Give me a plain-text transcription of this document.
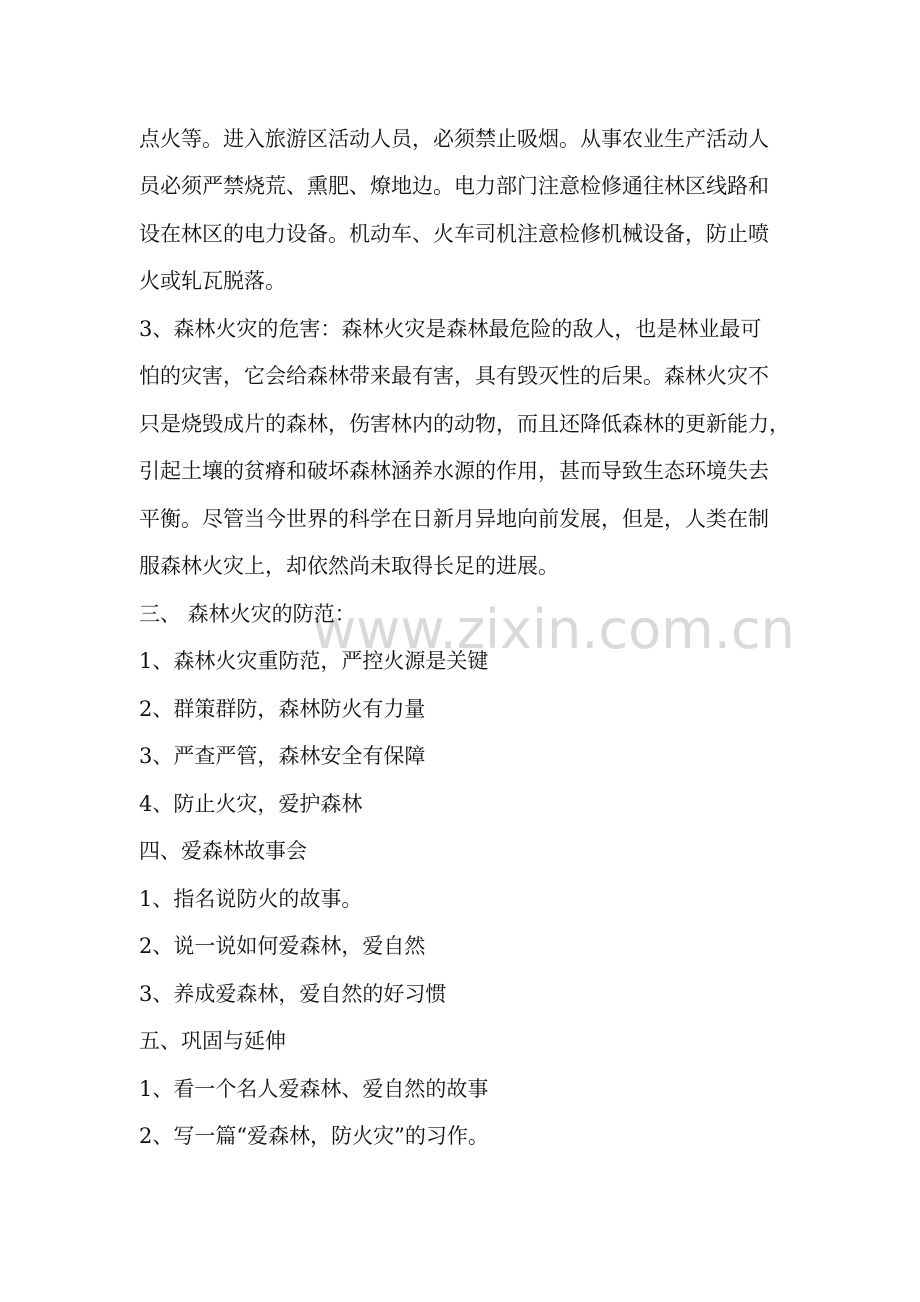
www.zixin.com.cn
点火等。进入旅游区活动人员，必须禁止吸烟。从事农业生产活动人
员必须严禁烧荒、熏肥、燎地边。电力部门注意检修通往林区线路和
设在林区的电力设备。机动车、火车司机注意检修机械设备，防止喷
火或轧瓦脱落。
3、森林火灾的危害：森林火灾是森林最危险的敌人，也是林业最可
怕的灾害，它会给森林带来最有害，具有毁灭性的后果。森林火灾不
只是烧毁成片的森林，伤害林内的动物，而且还降低森林的更新能力，
引起土壤的贫瘠和破坏森林涵养水源的作用，甚而导致生态环境失去
平衡。尽管当今世界的科学在日新月异地向前发展，但是，人类在制
服森林火灾上，却依然尚未取得长足的进展。
三、 森林火灾的防范：
1、森林火灾重防范，严控火源是关键
2、群策群防，森林防火有力量
3、严查严管，森林安全有保障
4、防止火灾，爱护森林
四、爱森林故事会
1、指名说防火的故事。
2、说一说如何爱森林，爱自然
3、养成爱森林，爱自然的好习惯
五、巩固与延伸
1、看一个名人爱森林、爱自然的故事
2、写一篇“爱森林，防火灾”的习作。
